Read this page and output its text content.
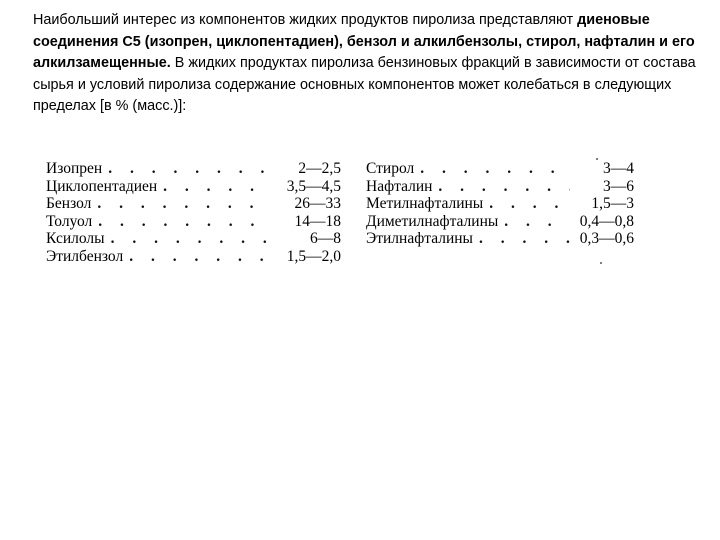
Наибольший интерес из компонентов жидких продуктов пиролиза представляют диеновые соединения С5 (изопрен, циклопентадиен), бензол и алкилбензолы, стирол, нафталин и его алкилзамещенные. В жидких продуктах пиролиза бензиновых фракций в зависимости от состава сырья и условий пиролиза содержание основных компонентов может колебаться в следующих пределах [в % (масс.)]:

Изопрен . . .	2—2,5
Циклопентадиен . . .	3,5—4,5
Бензол . . .	26—33
Толуол . . .	14—18
Ксилолы . . .	6—8
Этилбензол . . .	1,5—2,0
Стирол . . .	3—4
Нафталин . . .	3—6
Метилнафталины . . .	1,5—3
Диметилнафталины . . .	0,4—0,8
Этилнафталины . . .	0,3—0,6
